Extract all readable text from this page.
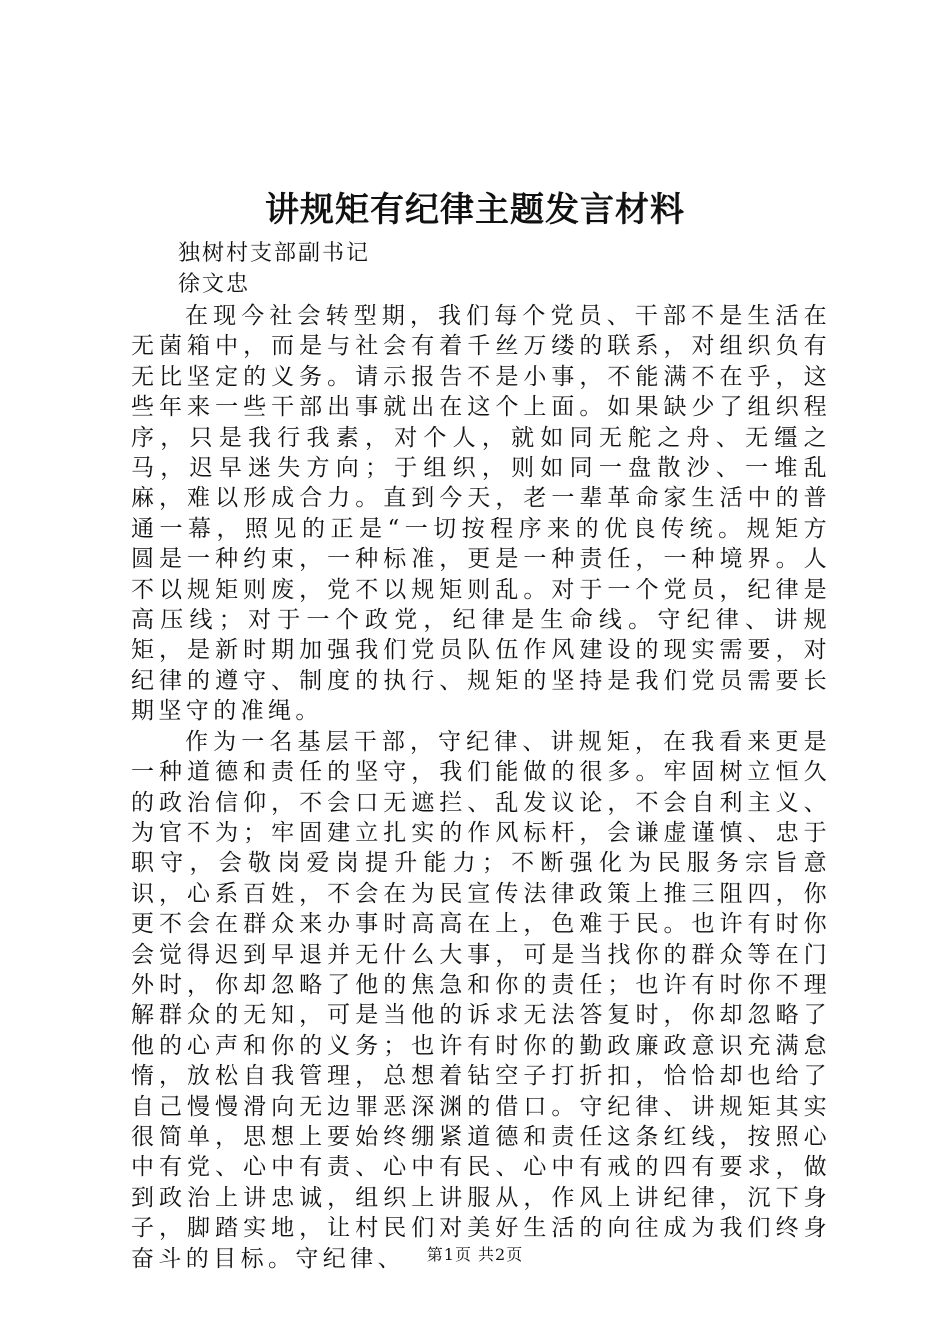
讲规矩有纪律主题发言材料
独树村支部副书记
徐文忠

在现今社会转型期，我们每个党员、干部不是生活在无菌箱中，而是与社会有着千丝万缕的联系，对组织负有无比坚定的义务。请示报告不是小事，不能满不在乎，这些年来一些干部出事就出在这个上面。如果缺少了组织程序，只是我行我素，对个人，就如同无舵之舟、无缰之马，迟早迷失方向；于组织，则如同一盘散沙、一堆乱麻，难以形成合力。直到今天，老一辈革命家生活中的普通一幕，照见的正是“一切按程序来的优良传统。规矩方圆是一种约束，一种标准，更是一种责任，一种境界。人不以规矩则废，党不以规矩则乱。对于一个党员，纪律是高压线；对于一个政党，纪律是生命线。守纪律、讲规矩，是新时期加强我们党员队伍作风建设的现实需要，对纪律的遵守、制度的执行、规矩的坚持是我们党员需要长期坚守的准绳。

作为一名基层干部，守纪律、讲规矩，在我看来更是一种道德和责任的坚守，我们能做的很多。牢固树立恒久的政治信仰，不会口无遮拦、乱发议论，不会自利主义、为官不为；牢固建立扎实的作风标杆，会谦虚谨慎、忠于职守，会敬岗爱岗提升能力；不断强化为民服务宗旨意识，心系百姓，不会在为民宣传法律政策上推三阻四，你更不会在群众来办事时高高在上，色难于民。也许有时你会觉得迟到早退并无什么大事，可是当找你的群众等在门外时，你却忽略了他的焦急和你的责任；也许有时你不理解群众的无知，可是当他的诉求无法答复时，你却忽略了他的心声和你的义务；也许有时你的勤政廉政意识充满怠惰，放松自我管理，总想着钻空子打折扣，恰恰却也给了自己慢慢滑向无边罪恶深渊的借口。守纪律、讲规矩其实很简单，思想上要始终绷紧道德和责任这条红线，按照心中有党、心中有责、心中有民、心中有戒的四有要求，做到政治上讲忠诚，组织上讲服从，作风上讲纪律，沉下身子，脚踏实地，让村民们对美好生活的向往成为我们终身奋斗的目标。守纪律、	第1页 共2页
